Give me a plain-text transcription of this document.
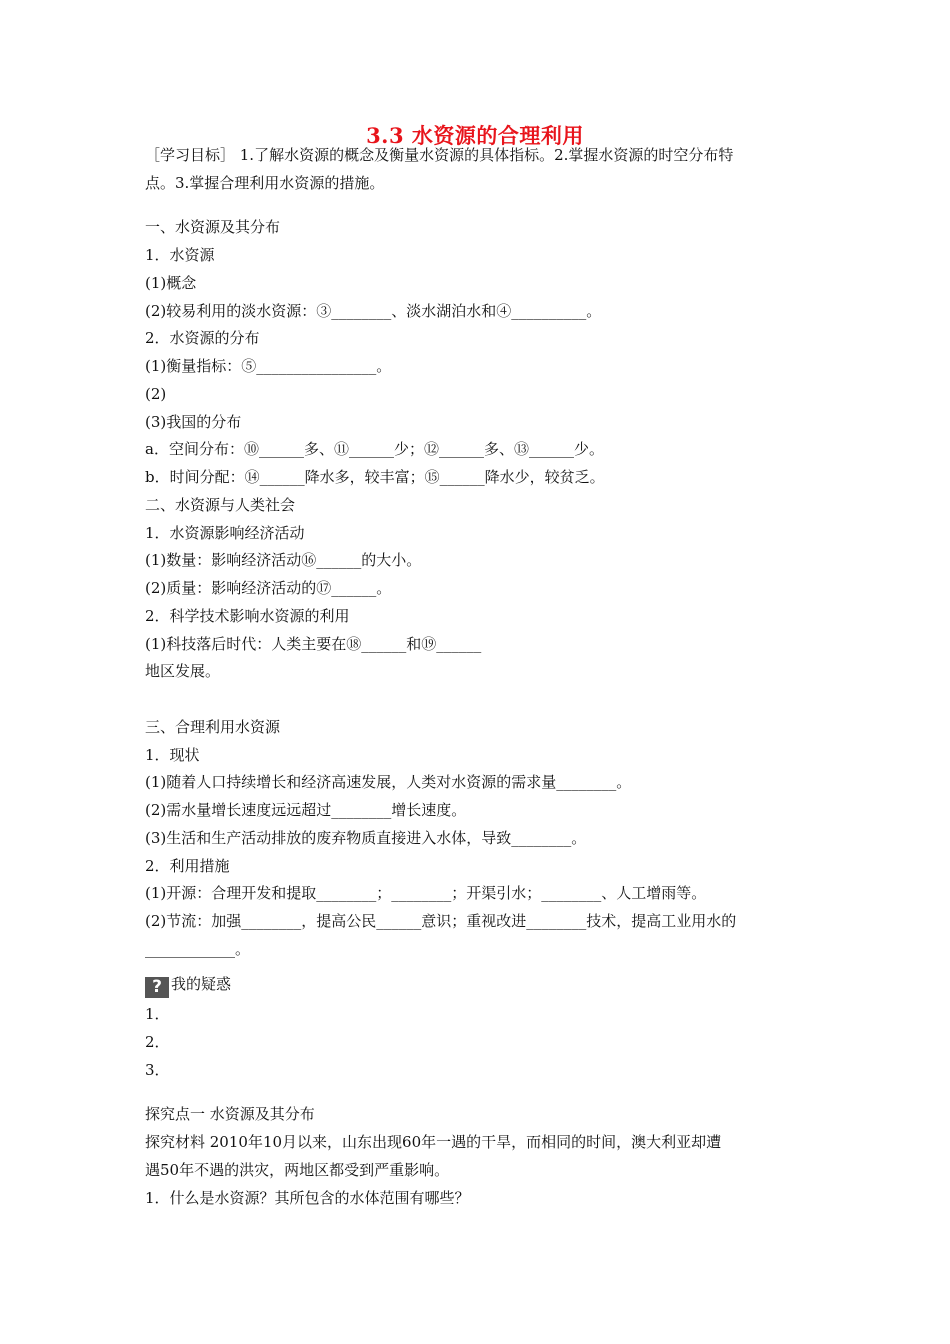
3.3 水资源的合理利用
［学习目标］ 1.了解水资源的概念及衡量水资源的具体指标。2.掌握水资源的时空分布特
点。3.掌握合理利用水资源的措施。
一、水资源及其分布
1．水资源
(1)概念
(2)较易利用的淡水资源：③________、淡水湖泊水和④__________。
2．水资源的分布
(1)衡量指标：⑤________________。
(2)
(3)我国的分布
a．空间分布：⑩______多、⑪______少；⑫______多、⑬______少。
b．时间分配：⑭______降水多，较丰富；⑮______降水少，较贫乏。
二、水资源与人类社会
1．水资源影响经济活动
(1)数量：影响经济活动⑯______的大小。
(2)质量：影响经济活动的⑰______。
2．科学技术影响水资源的利用
(1)科技落后时代：人类主要在⑱______和⑲______
地区发展。
三、合理利用水资源
1．现状
(1)随着人口持续增长和经济高速发展，人类对水资源的需求量________。
(2)需水量增长速度远远超过________增长速度。
(3)生活和生产活动排放的废弃物质直接进入水体，导致________。
2．利用措施
(1)开源：合理开发和提取________；________；开渠引水；________、人工增雨等。
(2)节流：加强________，提高公民______意识；重视改进________技术，提高工业用水的
____________。
? 我的疑惑
1．
2．
3．
探究点一 水资源及其分布
探究材料 2010年10月以来，山东出现60年一遇的干旱，而相同的时间，澳大利亚却遭
遇50年不遇的洪灾，两地区都受到严重影响。
1．什么是水资源？其所包含的水体范围有哪些？
